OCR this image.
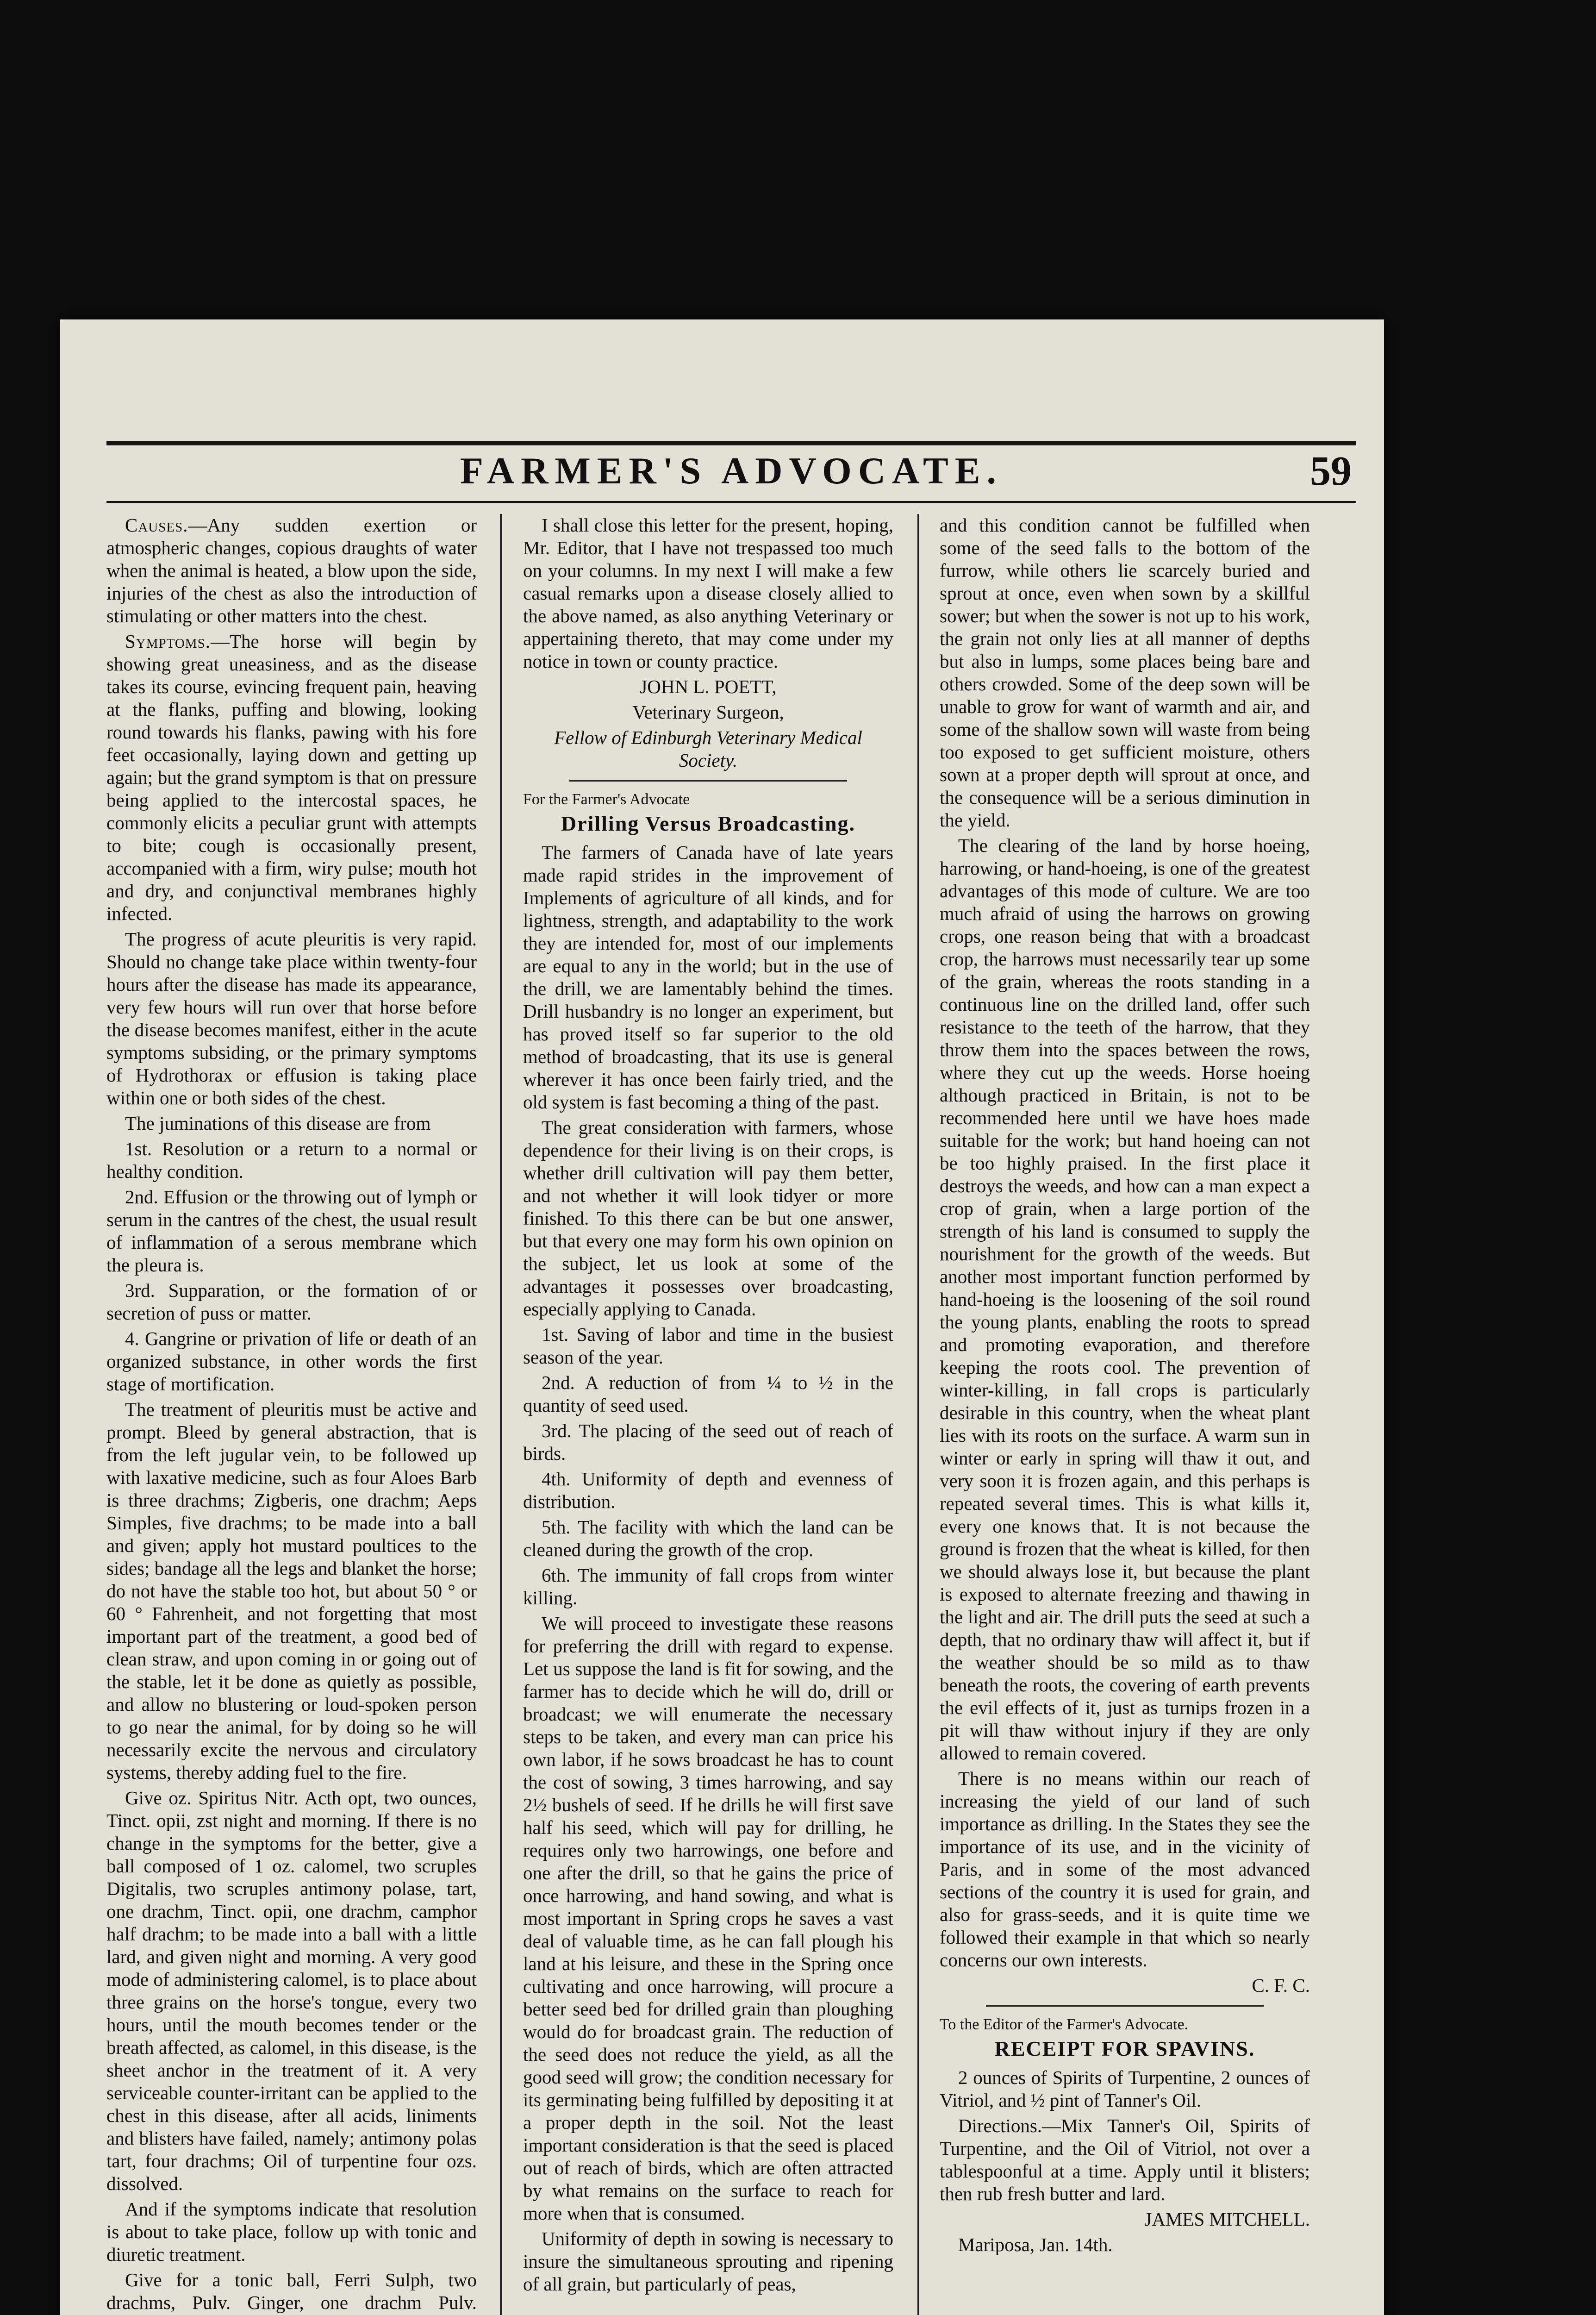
FARMER'S ADVOCATE.	59

Causes.—Any sudden exertion or atmospheric changes, copious draughts of water when the animal is heated, a blow upon the side, injuries of the chest as also the introduction of stimulating or other matters into the chest.

Symptoms.—The horse will begin by showing great uneasiness, and as the disease takes its course, evincing frequent pain, heaving at the flanks, puffing and blowing, looking round towards his flanks, pawing with his fore feet occasionally, laying down and getting up again; but the grand symptom is that on pressure being applied to the intercostal spaces, he commonly elicits a peculiar grunt with attempts to bite; cough is occasionally present, accompanied with a firm, wiry pulse; mouth hot and dry, and conjunctival membranes highly infected.

The progress of acute pleuritis is very rapid. Should no change take place within twenty-four hours after the disease has made its appearance, very few hours will run over that horse before the disease becomes manifest, either in the acute symptoms subsiding, or the primary symptoms of Hydrothorax or effusion is taking place within one or both sides of the chest.

The juminations of this disease are from

1st. Resolution or a return to a normal or healthy condition.

2nd. Effusion or the throwing out of lymph or serum in the cantres of the chest, the usual result of inflammation of a serous membrane which the pleura is.

3rd. Supparation, or the formation of or secretion of puss or matter.

4. Gangrine or privation of life or death of an organized substance, in other words the first stage of mortification.

The treatment of pleuritis must be active and prompt. Bleed by general abstraction, that is from the left jugular vein, to be followed up with laxative medicine, such as four Aloes Barb is three drachms; Zigberis, one drachm; Aeps Simples, five drachms; to be made into a ball and given; apply hot mustard poultices to the sides; bandage all the legs and blanket the horse; do not have the stable too hot, but about 50 ° or 60 ° Fahrenheit, and not forgetting that most important part of the treatment, a good bed of clean straw, and upon coming in or going out of the stable, let it be done as quietly as possible, and allow no blustering or loud-spoken person to go near the animal, for by doing so he will necessarily excite the nervous and circulatory systems, thereby adding fuel to the fire.

Give oz. Spiritus Nitr. Acth opt, two ounces, Tinct. opii, zst night and morning. If there is no change in the symptoms for the better, give a ball composed of 1 oz. calomel, two scruples Digitalis, two scruples antimony polase, tart, one drachm, Tinct. opii, one drachm, camphor half drachm; to be made into a ball with a little lard, and given night and morning. A very good mode of administering calomel, is to place about three grains on the horse's tongue, every two hours, until the mouth becomes tender or the breath affected, as calomel, in this disease, is the sheet anchor in the treatment of it. A very serviceable counter-irritant can be applied to the chest in this disease, after all acids, liniments and blisters have failed, namely; antimony polas tart, four drachms; Oil of turpentine four ozs. dissolved.

And if the symptoms indicate that resolution is about to take place, follow up with tonic and diuretic treatment.

Give for a tonic ball, Ferri Sulph, two drachms, Pulv. Ginger, one drachm Pulv.

I shall close this letter for the present, hoping, Mr. Editor, that I have not trespassed too much on your columns. In my next I will make a few casual remarks upon a disease closely allied to the above named, as also anything Veterinary or appertaining thereto, that may come under my notice in town or county practice.

JOHN L. POETT,

Veterinary Surgeon,

Fellow of Edinburgh Veterinary Medical Society.

For the Farmer's Advocate

Drilling Versus Broadcasting.

The farmers of Canada have of late years made rapid strides in the improvement of Implements of agriculture of all kinds, and for lightness, strength, and adaptability to the work they are intended for, most of our implements are equal to any in the world; but in the use of the drill, we are lamentably behind the times. Drill husbandry is no longer an experiment, but has proved itself so far superior to the old method of broadcasting, that its use is general wherever it has once been fairly tried, and the old system is fast becoming a thing of the past.

The great consideration with farmers, whose dependence for their living is on their crops, is whether drill cultivation will pay them better, and not whether it will look tidyer or more finished. To this there can be but one answer, but that every one may form his own opinion on the subject, let us look at some of the advantages it possesses over broadcasting, especially applying to Canada.

1st. Saving of labor and time in the busiest season of the year.

2nd. A reduction of from ¼ to ½ in the quantity of seed used.

3rd. The placing of the seed out of reach of birds.

4th. Uniformity of depth and evenness of distribution.

5th. The facility with which the land can be cleaned during the growth of the crop.

6th. The immunity of fall crops from winter killing.

We will proceed to investigate these reasons for preferring the drill with regard to expense. Let us suppose the land is fit for sowing, and the farmer has to decide which he will do, drill or broadcast; we will enumerate the necessary steps to be taken, and every man can price his own labor, if he sows broadcast he has to count the cost of sowing, 3 times harrowing, and say 2½ bushels of seed. If he drills he will first save half his seed, which will pay for drilling, he requires only two harrowings, one before and one after the drill, so that he gains the price of once harrowing, and hand sowing, and what is most important in Spring crops he saves a vast deal of valuable time, as he can fall plough his land at his leisure, and these in the Spring once cultivating and once harrowing, will procure a better seed bed for drilled grain than ploughing would do for broadcast grain. The reduction of the seed does not reduce the yield, as all the good seed will grow; the condition necessary for its germinating being fulfilled by depositing it at a proper depth in the soil. Not the least important consideration is that the seed is placed out of reach of birds, which are often attracted by what remains on the surface to reach for more when that is consumed.

Uniformity of depth in sowing is necessary to insure the simultaneous sprouting and ripening of all grain, but particularly of peas,

and this condition cannot be fulfilled when some of the seed falls to the bottom of the furrow, while others lie scarcely buried and sprout at once, even when sown by a skillful sower; but when the sower is not up to his work, the grain not only lies at all manner of depths but also in lumps, some places being bare and others crowded. Some of the deep sown will be unable to grow for want of warmth and air, and some of the shallow sown will waste from being too exposed to get sufficient moisture, others sown at a proper depth will sprout at once, and the consequence will be a serious diminution in the yield.

The clearing of the land by horse hoeing, harrowing, or hand-hoeing, is one of the greatest advantages of this mode of culture. We are too much afraid of using the harrows on growing crops, one reason being that with a broadcast crop, the harrows must necessarily tear up some of the grain, whereas the roots standing in a continuous line on the drilled land, offer such resistance to the teeth of the harrow, that they throw them into the spaces between the rows, where they cut up the weeds. Horse hoeing although practiced in Britain, is not to be recommended here until we have hoes made suitable for the work; but hand hoeing can not be too highly praised. In the first place it destroys the weeds, and how can a man expect a crop of grain, when a large portion of the strength of his land is consumed to supply the nourishment for the growth of the weeds. But another most important function performed by hand-hoeing is the loosening of the soil round the young plants, enabling the roots to spread and promoting evaporation, and therefore keeping the roots cool. The prevention of winter-killing, in fall crops is particularly desirable in this country, when the wheat plant lies with its roots on the surface. A warm sun in winter or early in spring will thaw it out, and very soon it is frozen again, and this perhaps is repeated several times. This is what kills it, every one knows that. It is not because the ground is frozen that the wheat is killed, for then we should always lose it, but because the plant is exposed to alternate freezing and thawing in the light and air. The drill puts the seed at such a depth, that no ordinary thaw will affect it, but if the weather should be so mild as to thaw beneath the roots, the covering of earth prevents the evil effects of it, just as turnips frozen in a pit will thaw without injury if they are only allowed to remain covered.

There is no means within our reach of increasing the yield of our land of such importance as drilling. In the States they see the importance of its use, and in the vicinity of Paris, and in some of the most advanced sections of the country it is used for grain, and also for grass-seeds, and it is quite time we followed their example in that which so nearly concerns our own interests.

C. F. C.

To the Editor of the Farmer's Advocate.

RECEIPT FOR SPAVINS.

2 ounces of Spirits of Turpentine, 2 ounces of Vitriol, and ½ pint of Tanner's Oil.

Directions.—Mix Tanner's Oil, Spirits of Turpentine, and the Oil of Vitriol, not over a tablespoonful at a time. Apply until it blisters; then rub fresh butter and lard.

JAMES MITCHELL.

Mariposa, Jan. 14th.
